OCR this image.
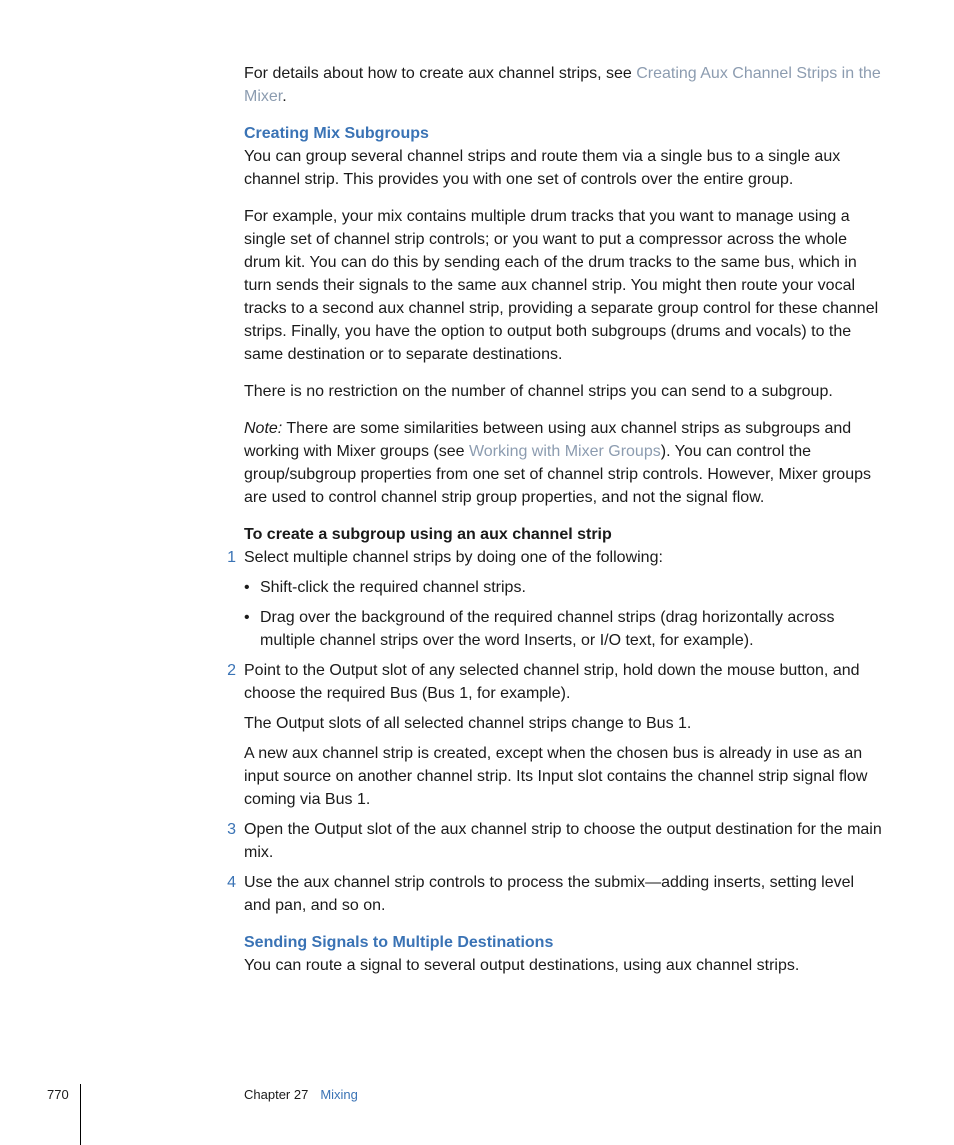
For details about how to create aux channel strips, see Creating Aux Channel Strips in the Mixer.

Creating Mix Subgroups

You can group several channel strips and route them via a single bus to a single aux channel strip. This provides you with one set of controls over the entire group.

For example, your mix contains multiple drum tracks that you want to manage using a single set of channel strip controls; or you want to put a compressor across the whole drum kit. You can do this by sending each of the drum tracks to the same bus, which in turn sends their signals to the same aux channel strip. You might then route your vocal tracks to a second aux channel strip, providing a separate group control for these channel strips. Finally, you have the option to output both subgroups (drums and vocals) to the same destination or to separate destinations.

There is no restriction on the number of channel strips you can send to a subgroup.

Note: There are some similarities between using aux channel strips as subgroups and working with Mixer groups (see Working with Mixer Groups). You can control the group/subgroup properties from one set of channel strip controls. However, Mixer groups are used to control channel strip group properties, and not the signal flow.

To create a subgroup using an aux channel strip

1 Select multiple channel strips by doing one of the following:

• Shift-click the required channel strips.

• Drag over the background of the required channel strips (drag horizontally across multiple channel strips over the word Inserts, or I/O text, for example).

2 Point to the Output slot of any selected channel strip, hold down the mouse button, and choose the required Bus (Bus 1, for example).

The Output slots of all selected channel strips change to Bus 1.

A new aux channel strip is created, except when the chosen bus is already in use as an input source on another channel strip. Its Input slot contains the channel strip signal flow coming via Bus 1.

3 Open the Output slot of the aux channel strip to choose the output destination for the main mix.

4 Use the aux channel strip controls to process the submix—adding inserts, setting level and pan, and so on.

Sending Signals to Multiple Destinations

You can route a signal to several output destinations, using aux channel strips.

770	Chapter 27 Mixing
